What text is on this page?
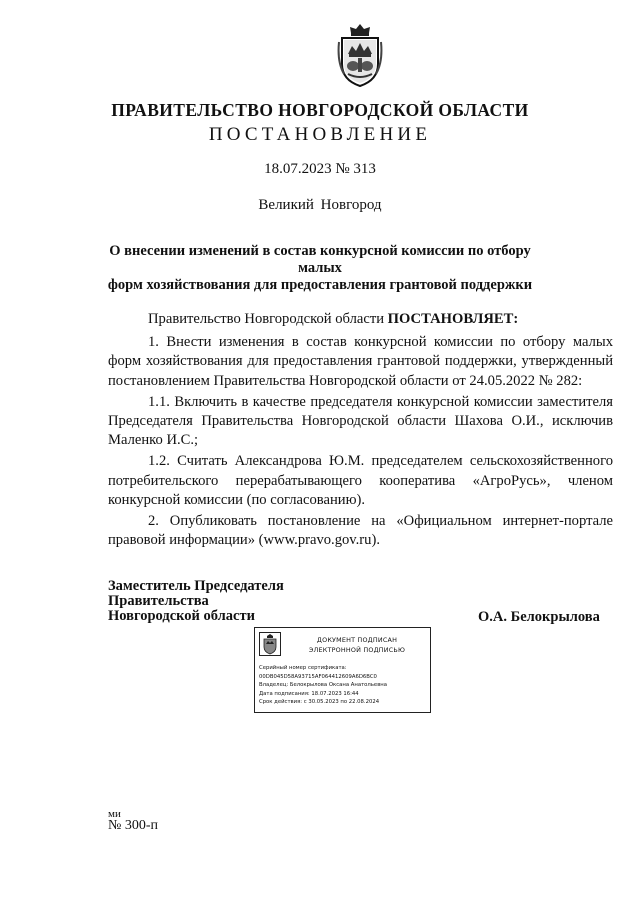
ПРАВИТЕЛЬСТВО НОВГОРОДСКОЙ ОБЛАСТИ
ПОСТАНОВЛЕНИЕ
18.07.2023 № 313
Великий Новгород
О внесении изменений в состав конкурсной комиссии по отбору малых
форм хозяйствования для предоставления грантовой поддержки

Правительство Новгородской области ПОСТАНОВЛЯЕТ:

1. Внести изменения в состав конкурсной комиссии по отбору малых форм хозяйствования для предоставления грантовой поддержки, утвержденный постановлением Правительства Новгородской области от 24.05.2022 № 282:

1.1. Включить в качестве председателя конкурсной комиссии заместителя Председателя Правительства Новгородской области Шахова О.И., исключив Маленко И.С.;

1.2. Считать Александрова Ю.М. председателем сельскохозяйственного потребительского перерабатывающего кооператива «АгроРусь», членом конкурсной комиссии (по согласованию).

2. Опубликовать постановление на «Официальном интернет-портале правовой информации» (www.pravo.gov.ru).

Заместитель Председателя
Правительства
Новгородской области	О.А. Белокрылова
ДОКУМЕНТ ПОДПИСАН
ЭЛЕКТРОННОЙ ПОДПИСЬЮ
Серийный номер сертификата:
00DB045D58A93715AF064412609A6D6BC0
Владелец: Белокрылова Оксана Анатольевна
Дата подписания: 18.07.2023 16:44
Срок действия: с 30.05.2023 по 22.08.2024
ми
№ 300-п
